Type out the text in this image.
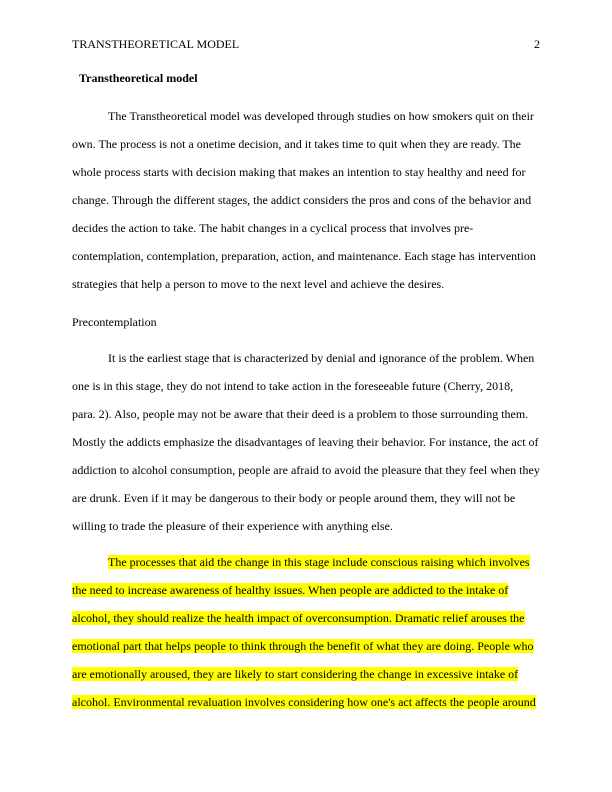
TRANSTHEORETICAL MODEL	2
Transtheoretical model
The Transtheoretical model was developed through studies on how smokers quit on their
own. The process is not a onetime decision, and it takes time to quit when they are ready. The
whole process starts with decision making that makes an intention to stay healthy and need for
change. Through the different stages, the addict considers the pros and cons of the behavior and
decides the action to take. The habit changes in a cyclical process that involves pre-
contemplation, contemplation, preparation, action, and maintenance. Each stage has intervention
strategies that help a person to move to the next level and achieve the desires.
Precontemplation
It is the earliest stage that is characterized by denial and ignorance of the problem. When
one is in this stage, they do not intend to take action in the foreseeable future (Cherry, 2018,
para. 2). Also, people may not be aware that their deed is a problem to those surrounding them.
Mostly the addicts emphasize the disadvantages of leaving their behavior. For instance, the act of
addiction to alcohol consumption, people are afraid to avoid the pleasure that they feel when they
are drunk. Even if it may be dangerous to their body or people around them, they will not be
willing to trade the pleasure of their experience with anything else.
The processes that aid the change in this stage include conscious raising which involves
the need to increase awareness of healthy issues. When people are addicted to the intake of
alcohol, they should realize the health impact of overconsumption. Dramatic relief arouses the
emotional part that helps people to think through the benefit of what they are doing. People who
are emotionally aroused, they are likely to start considering the change in excessive intake of
alcohol. Environmental revaluation involves considering how one's act affects the people around
